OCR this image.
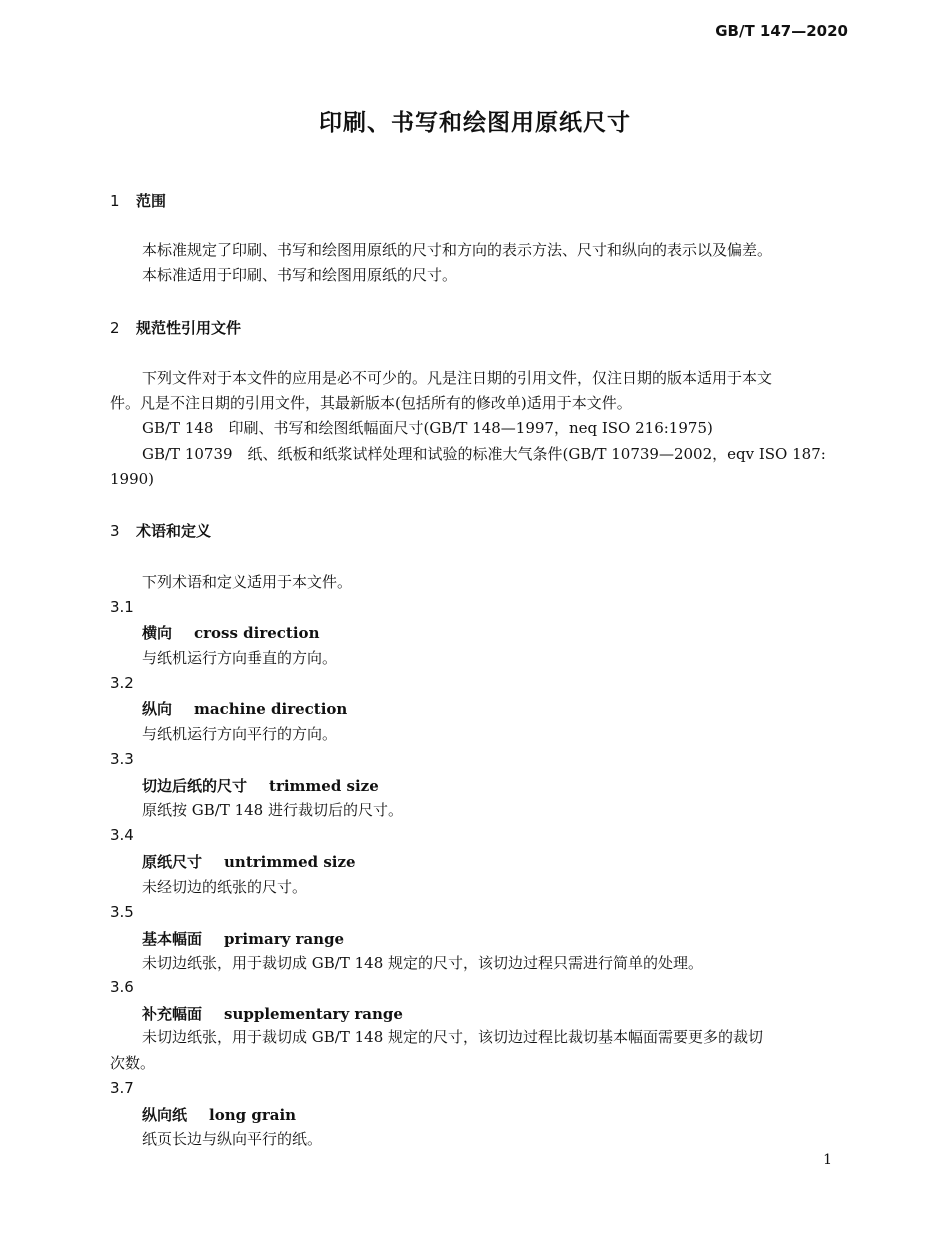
GB/T 147—2020
印刷、书写和绘图用原纸尺寸
1 范围
本标准规定了印刷、书写和绘图用原纸的尺寸和方向的表示方法、尺寸和纵向的表示以及偏差。
本标准适用于印刷、书写和绘图用原纸的尺寸。
2 规范性引用文件
下列文件对于本文件的应用是必不可少的。凡是注日期的引用文件，仅注日期的版本适用于本文
件。凡是不注日期的引用文件，其最新版本(包括所有的修改单)适用于本文件。
GB/T 148　印刷、书写和绘图纸幅面尺寸(GB/T 148—1997，neq ISO 216:1975)
GB/T 10739　纸、纸板和纸浆试样处理和试验的标准大气条件(GB/T 10739—2002，eqv ISO 187:
1990)
3 术语和定义
下列术语和定义适用于本文件。
3.1
横向 cross direction
与纸机运行方向垂直的方向。
3.2
纵向 machine direction
与纸机运行方向平行的方向。
3.3
切边后纸的尺寸 trimmed size
原纸按 GB/T 148 进行裁切后的尺寸。
3.4
原纸尺寸 untrimmed size
未经切边的纸张的尺寸。
3.5
基本幅面 primary range
未切边纸张，用于裁切成 GB/T 148 规定的尺寸，该切边过程只需进行简单的处理。
3.6
补充幅面 supplementary range
未切边纸张，用于裁切成 GB/T 148 规定的尺寸，该切边过程比裁切基本幅面需要更多的裁切
次数。
3.7
纵向纸 long grain
纸页长边与纵向平行的纸。
1
